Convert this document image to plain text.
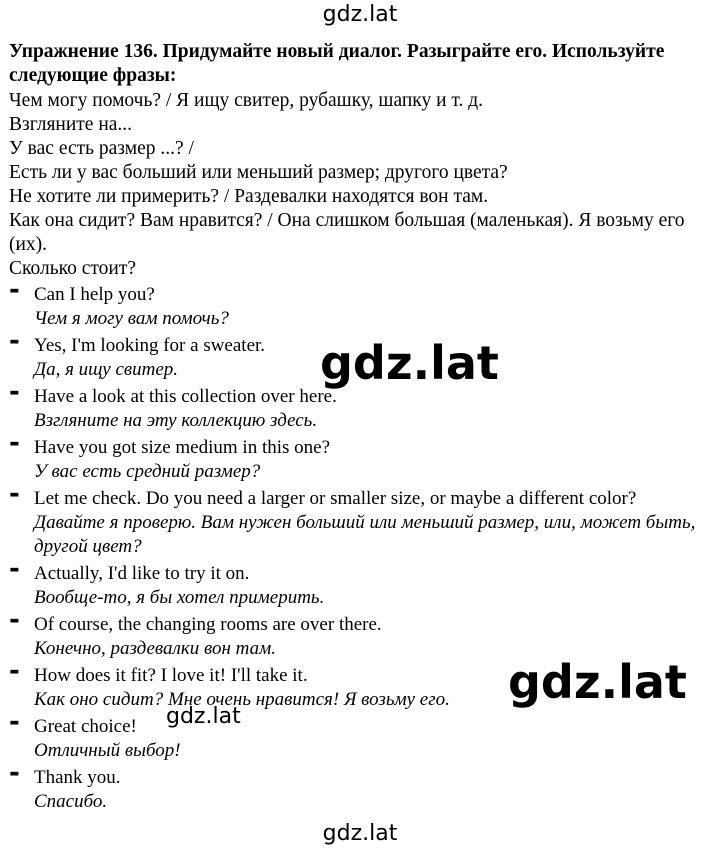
gdz.lat
Упражнение 136. Придумайте новый диалог. Разыграйте его. Используйте следующие фразы:
Чем могу помочь? / Я ищу свитер, рубашку, шапку и т. д.
Взгляните на...
У вас есть размер ...? /
Есть ли у вас больший или меньший размер; другого цвета?
Не хотите ли примерить? / Раздевалки находятся вон там.
Как она сидит? Вам нравится? / Она слишком большая (маленькая). Я возьму его (их).
Сколько стоит?
- Can I help you?
Чем я могу вам помочь?
- Yes, I'm looking for a sweater.
Да, я ищу свитер.
- Have a look at this collection over here.
Взгляните на эту коллекцию здесь.
- Have you got size medium in this one?
У вас есть средний размер?
- Let me check. Do you need a larger or smaller size, or maybe a different color?
Давайте я проверю. Вам нужен больший или меньший размер, или, может быть, другой цвет?
- Actually, I'd like to try it on.
Вообще-то, я бы хотел примерить.
- Of course, the changing rooms are over there.
Конечно, раздевалки вон там.
- How does it fit? I love it! I'll take it.
Как оно сидит? Мне очень нравится! Я возьму его.
- Great choice!
Отличный выбор!
- Thank you.
Спасибо.
gdz.lat
gdz.lat
gdz.lat
gdz.lat
